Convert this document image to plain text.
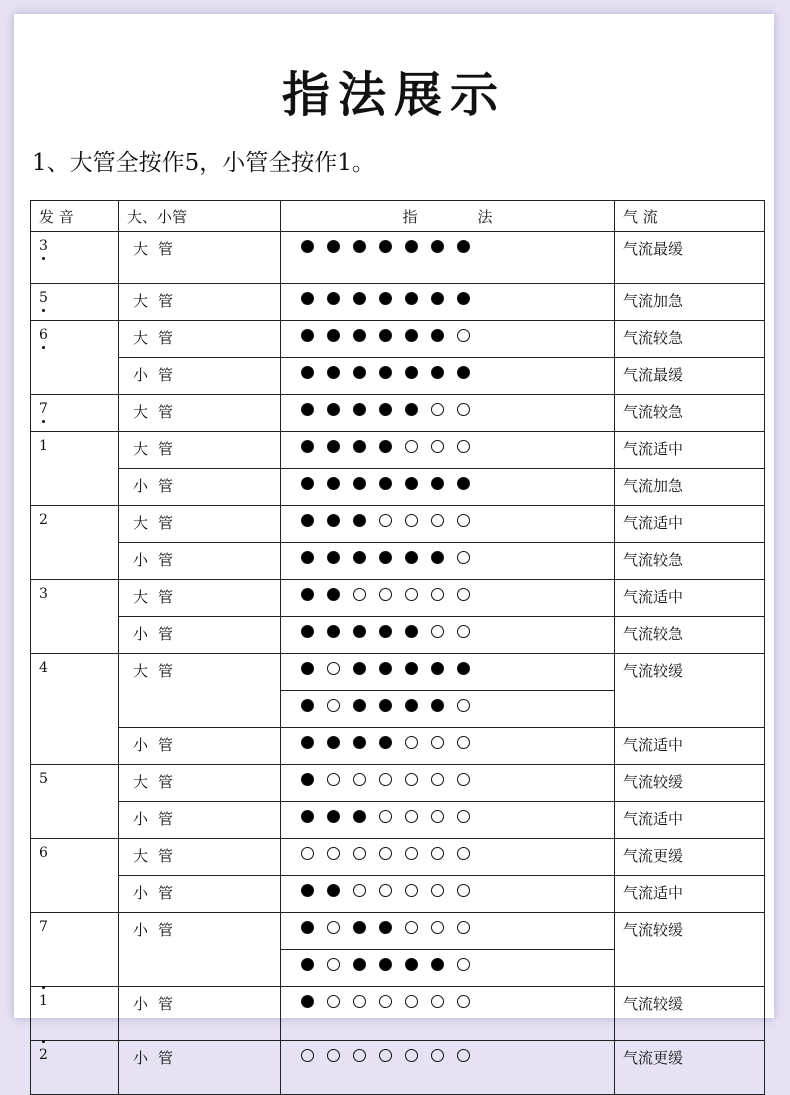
指法展示
1、大管全按作5，小管全按作1。
发 音	大、小管	指法	气 流
3	大管		气流最缓
5	大管		气流加急
6	大管		气流较急
	小管		气流最缓
7	大管		气流较急
1	大管		气流适中
	小管		气流加急
2	大管		气流适中
	小管		气流较急
3	大管		气流适中
	小管		气流较急
4	大管		气流较缓

	小管		气流适中
5	大管		气流较缓
	小管		气流适中
6	大管		气流更缓
	小管		气流适中
7	小管		气流较缓

1	小管		气流较缓
2	小管		气流更缓
